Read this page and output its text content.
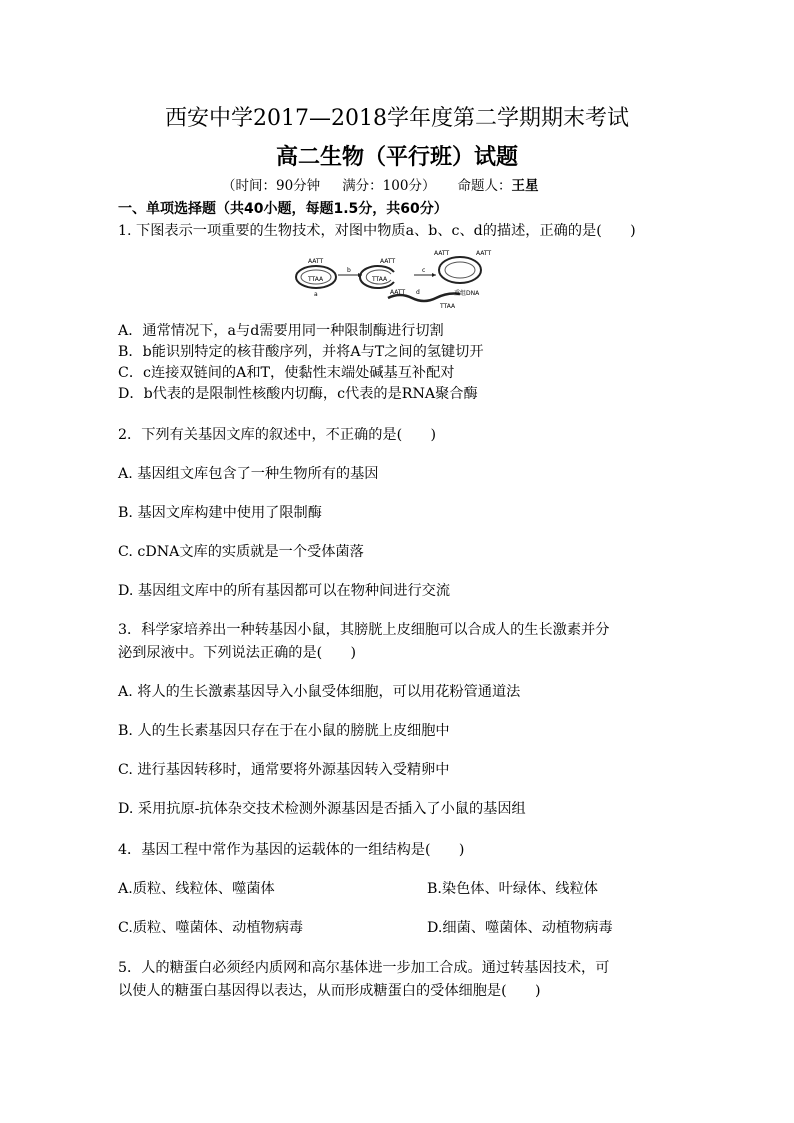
西安中学2017—2018学年度第二学期期末考试
高二生物（平行班）试题
（时间：90分钟 满分：100分） 命题人：王星
一、单项选择题（共40小题，每题1.5分，共60分）
1. 下图表示一项重要的生物技术，对图中物质a、b、c、d的描述，正确的是(　　)
AATT
TTAA
a
b
AATT
TTAA
c
AATT	AATT
AATT d
TTAA
重组DNA
A．通常情况下，a与d需要用同一种限制酶进行切割
B．b能识别特定的核苷酸序列，并将A与T之间的氢键切开
C．c连接双链间的A和T，使黏性末端处碱基互补配对
D．b代表的是限制性核酸内切酶，c代表的是RNA聚合酶
2．下列有关基因文库的叙述中，不正确的是(　　)
A. 基因组文库包含了一种生物所有的基因
B. 基因文库构建中使用了限制酶
C. cDNA文库的实质就是一个受体菌落
D. 基因组文库中的所有基因都可以在物种间进行交流
3．科学家培养出一种转基因小鼠，其膀胱上皮细胞可以合成人的生长激素并分
泌到尿液中。下列说法正确的是(　　)
A. 将人的生长激素基因导入小鼠受体细胞，可以用花粉管通道法
B. 人的生长素基因只存在于在小鼠的膀胱上皮细胞中
C. 进行基因转移时，通常要将外源基因转入受精卵中
D. 采用抗原-抗体杂交技术检测外源基因是否插入了小鼠的基因组
4．基因工程中常作为基因的运载体的一组结构是(　　)
A.质粒、线粒体、噬菌体	B.染色体、叶绿体、线粒体
C.质粒、噬菌体、动植物病毒	D.细菌、噬菌体、动植物病毒
5．人的糖蛋白必须经内质网和高尔基体进一步加工合成。通过转基因技术，可
以使人的糖蛋白基因得以表达，从而形成糖蛋白的受体细胞是(　　)
